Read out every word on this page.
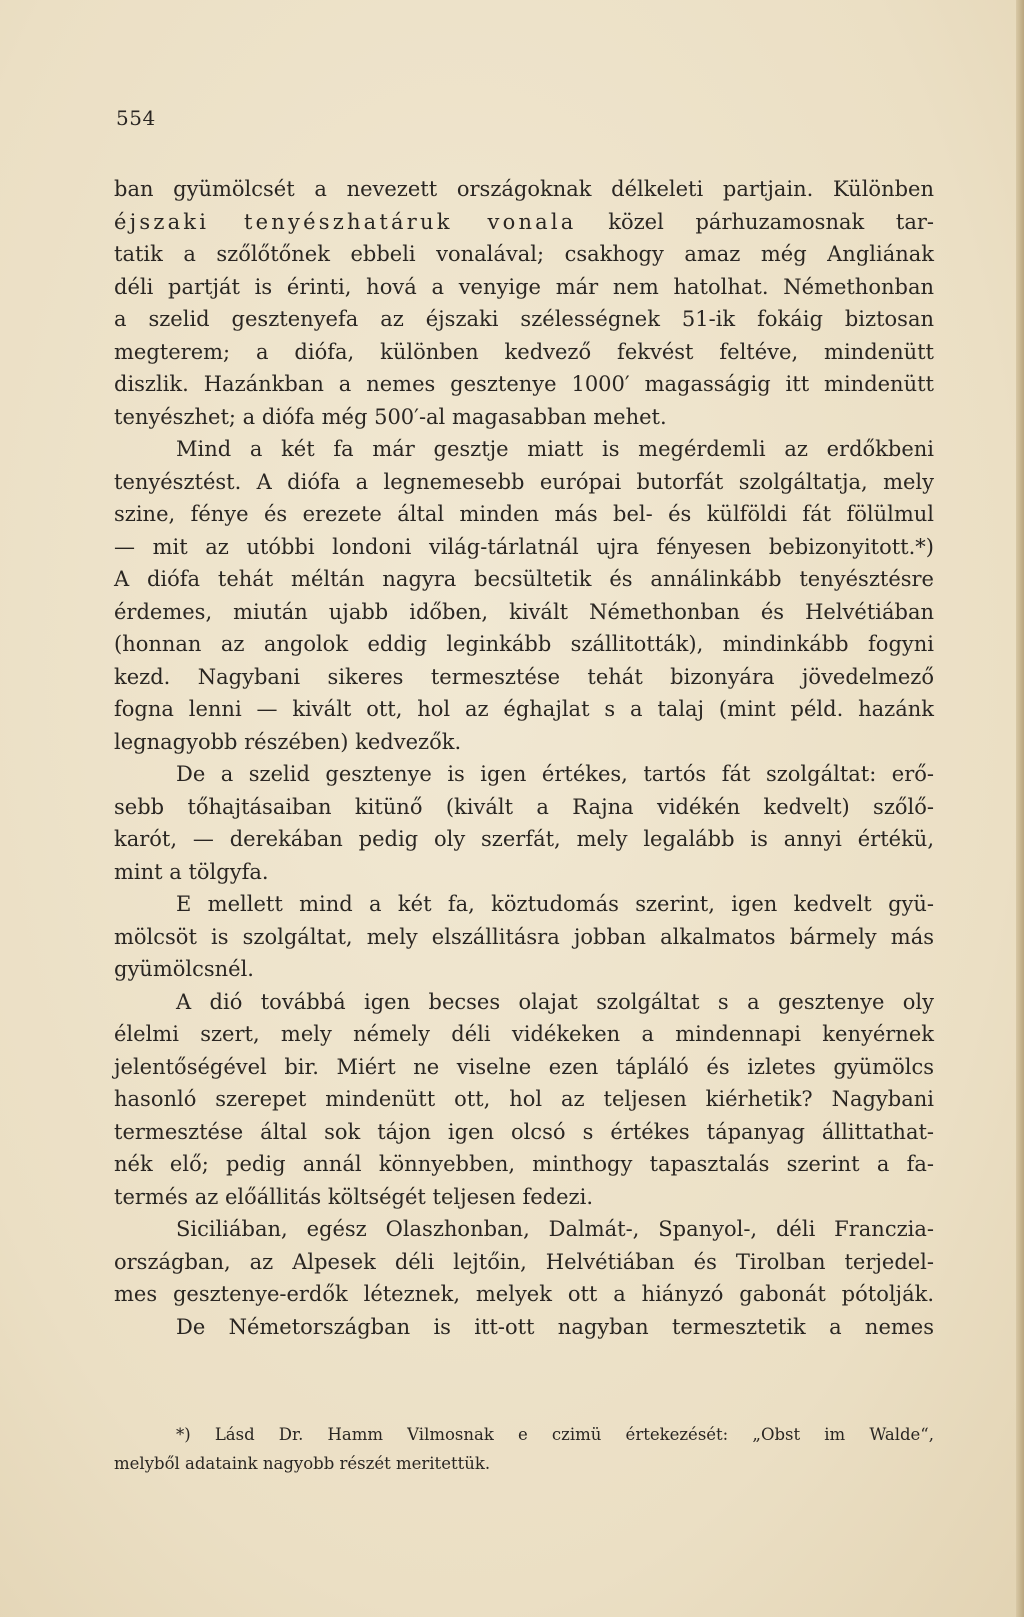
554
ban gyümölcsét a nevezett országoknak délkeleti partjain. Különben
éjszaki tenyészhatáruk vonala közel párhuzamosnak tar-
tatik a szőlőtőnek ebbeli vonalával; csakhogy amaz még Angliának
déli partját is érinti, hová a venyige már nem hatolhat. Némethonban
a szelid gesztenyefa az éjszaki szélességnek 51-ik fokáig biztosan
megterem; a diófa, különben kedvező fekvést feltéve, mindenütt
diszlik. Hazánkban a nemes gesztenye 1000′ magasságig itt mindenütt
tenyészhet; a diófa még 500′-al magasabban mehet.
Mind a két fa már gesztje miatt is megérdemli az erdőkbeni
tenyésztést. A diófa a legnemesebb európai butorfát szolgáltatja, mely
szine, fénye és erezete által minden más bel- és külföldi fát fölülmul
— mit az utóbbi londoni világ-tárlatnál ujra fényesen bebizonyitott.*)
A diófa tehát méltán nagyra becsültetik és annálinkább tenyésztésre
érdemes, miután ujabb időben, kivált Némethonban és Helvétiában
(honnan az angolok eddig leginkább szállitották), mindinkább fogyni
kezd. Nagybani sikeres termesztése tehát bizonyára jövedelmező
fogna lenni — kivált ott, hol az éghajlat s a talaj (mint péld. hazánk
legnagyobb részében) kedvezők.
De a szelid gesztenye is igen értékes, tartós fát szolgáltat: erő-
sebb tőhajtásaiban kitünő (kivált a Rajna vidékén kedvelt) szőlő-
karót, — derekában pedig oly szerfát, mely legalább is annyi értékü,
mint a tölgyfa.
E mellett mind a két fa, köztudomás szerint, igen kedvelt gyü-
mölcsöt is szolgáltat, mely elszállitásra jobban alkalmatos bármely más
gyümölcsnél.
A dió továbbá igen becses olajat szolgáltat s a gesztenye oly
élelmi szert, mely némely déli vidékeken a mindennapi kenyérnek
jelentőségével bir. Miért ne viselne ezen tápláló és izletes gyümölcs
hasonló szerepet mindenütt ott, hol az teljesen kiérhetik? Nagybani
termesztése által sok tájon igen olcsó s értékes tápanyag állittathat-
nék elő; pedig annál könnyebben, minthogy tapasztalás szerint a fa-
termés az előállitás költségét teljesen fedezi.
Siciliában, egész Olaszhonban, Dalmát-, Spanyol-, déli Franczia-
országban, az Alpesek déli lejtőin, Helvétiában és Tirolban terjedel-
mes gesztenye-erdők léteznek, melyek ott a hiányzó gabonát pótolják.
De Németországban is itt-ott nagyban termesztetik a nemes
*) Lásd Dr. Hamm Vilmosnak e czimü értekezését: „Obst im Walde“,
melyből adataink nagyobb részét meritettük.
